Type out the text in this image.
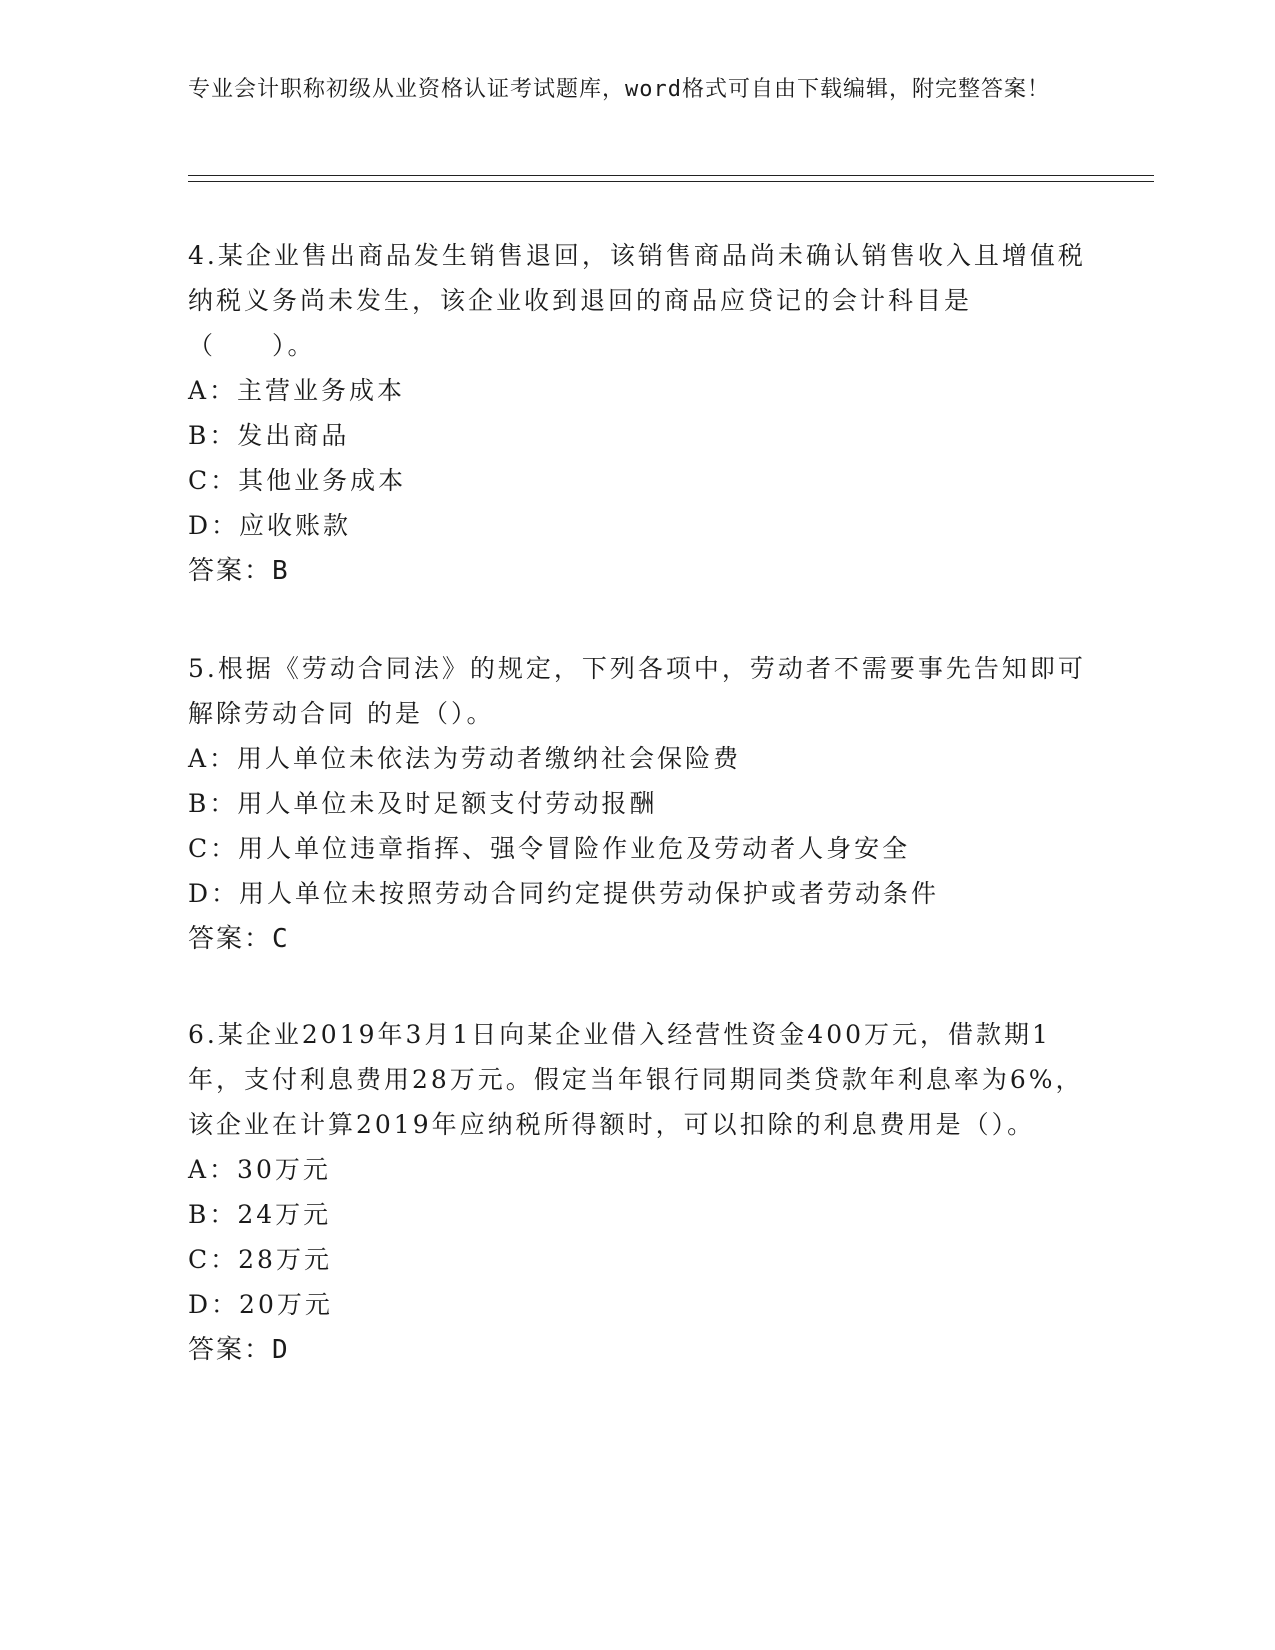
专业会计职称初级从业资格认证考试题库，word格式可自由下载编辑，附完整答案！

4.某企业售出商品发生销售退回，该销售商品尚未确认销售收入且增值税纳税义务尚未发生，该企业收到退回的商品应贷记的会计科目是（　　）。

A：主营业务成本

B：发出商品

C：其他业务成本

D：应收账款

答案：B

5.根据《劳动合同法》的规定，下列各项中，劳动者不需要事先告知即可解除劳动合同 的是（）。

A：用人单位未依法为劳动者缴纳社会保险费

B：用人单位未及时足额支付劳动报酬

C：用人单位违章指挥、强令冒险作业危及劳动者人身安全

D：用人单位未按照劳动合同约定提供劳动保护或者劳动条件

答案：C

6.某企业2019年3月1日向某企业借入经营性资金400万元，借款期1年，支付利息费用28万元。假定当年银行同期同类贷款年利息率为6%，该企业在计算2019年应纳税所得额时，可以扣除的利息费用是（）。

A：30万元

B：24万元

C：28万元

D：20万元

答案：D
